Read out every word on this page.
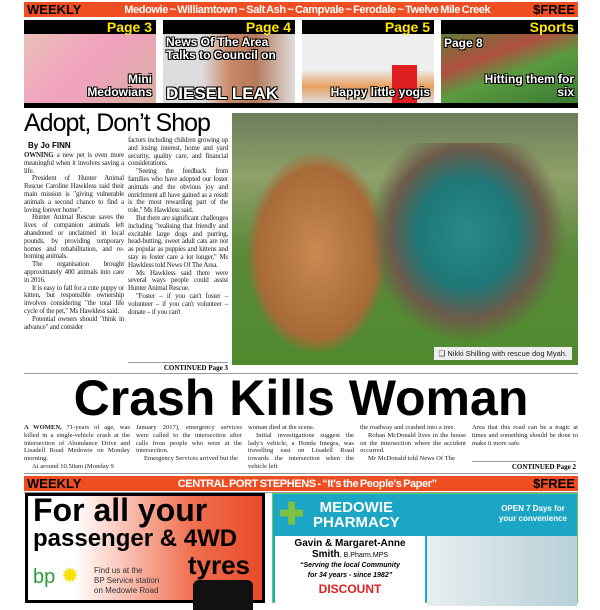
WEEKLY	Medowie ~ Williamtown ~ Salt Ash ~ Campvale ~ Ferodale ~ Twelve Mile Creek	$FREE
Page 3
Mini Medowians
Page 4
News Of The Area Talks to Council on
DIESEL LEAK
Page 5
Happy little yogis
Sports
Page 8
Hitting them for six
Adopt, Don’t Shop
By Jo FINN

OWNING a new pet is even more meaningful when it involves saving a life.

President of Hunter Animal Rescue Caroline Hawkless said their main mission is "giving vulnerable animals a second chance to find a loving forever home".

Hunter Animal Rescue saves the lives of companion animals left abandoned or unclaimed in local pounds, by providing temporary homes and rehabilitation, and re-homing animals.

The organisation brought approximately 400 animals into care in 2016.

It is easy to fall for a cute puppy or kitten, but responsible ownership involves considering "the total life cycle of the pet," Ms Hawkless said.

Potential owners should "think in advance" and consider

factors including children growing up and losing interest, home and yard security, quality care, and financial considerations.

"Seeing the feedback from families who have adopted our foster animals and the obvious joy and enrichment all have gained as a result is the most rewarding part of the role," Ms Hawkless said.

But there are significant challenges including "realising that friendly and excitable large dogs and purring, head-butting, sweet adult cats are not as popular as puppies and kittens and stay in foster care a lot longer," Ms Hawkless told News Of The Area.

Ms Hawkless said there were several ways people could assist Hunter Animal Rescue.

"Foster – if you can't foster – volunteer – if you can't volunteer – donate – if you can't

CONTINUED Page 3
❑ Nikki Shilling with rescue dog Myah.
Crash Kills Woman

A WOMEN, 71-years of age, was killed in a single-vehicle crash at the intersection of Abundance Drive and Lisadell Road Medowie on Monday morning.

At around 10.50am (Monday 9

January 2017), emergency services were called to the intersection after calls from people who were at the intersection.

Emergency Services arrived but the

woman died at the scene.

Initial investigations suggest the lady's vehicle, a Honda Integra, was travelling east on Lisadell Road towards the intersection when the vehicle left

the roadway and crashed into a tree.

Rohan McDonald lives in the house on the intersection where the accident occurred.

Mr McDonald told News Of The

Area that this road can be a tragic at times and something should be done to make it more safe.

CONTINUED Page 2
WEEKLY	CENTRAL PORT STEPHENS - “It's the People's Paper”	$FREE
For all your
passenger & 4WD
tyres
bp ✹ Find us at the
BP Service station
on Medowie Road
✚	MEDOWIE
PHARMACY
OPEN 7 Days for
your convenience
Gavin & Margaret-Anne
Smith, B.Pharm.MPS
“Serving the local Community
for 34 years - since 1982”
DISCOUNT
